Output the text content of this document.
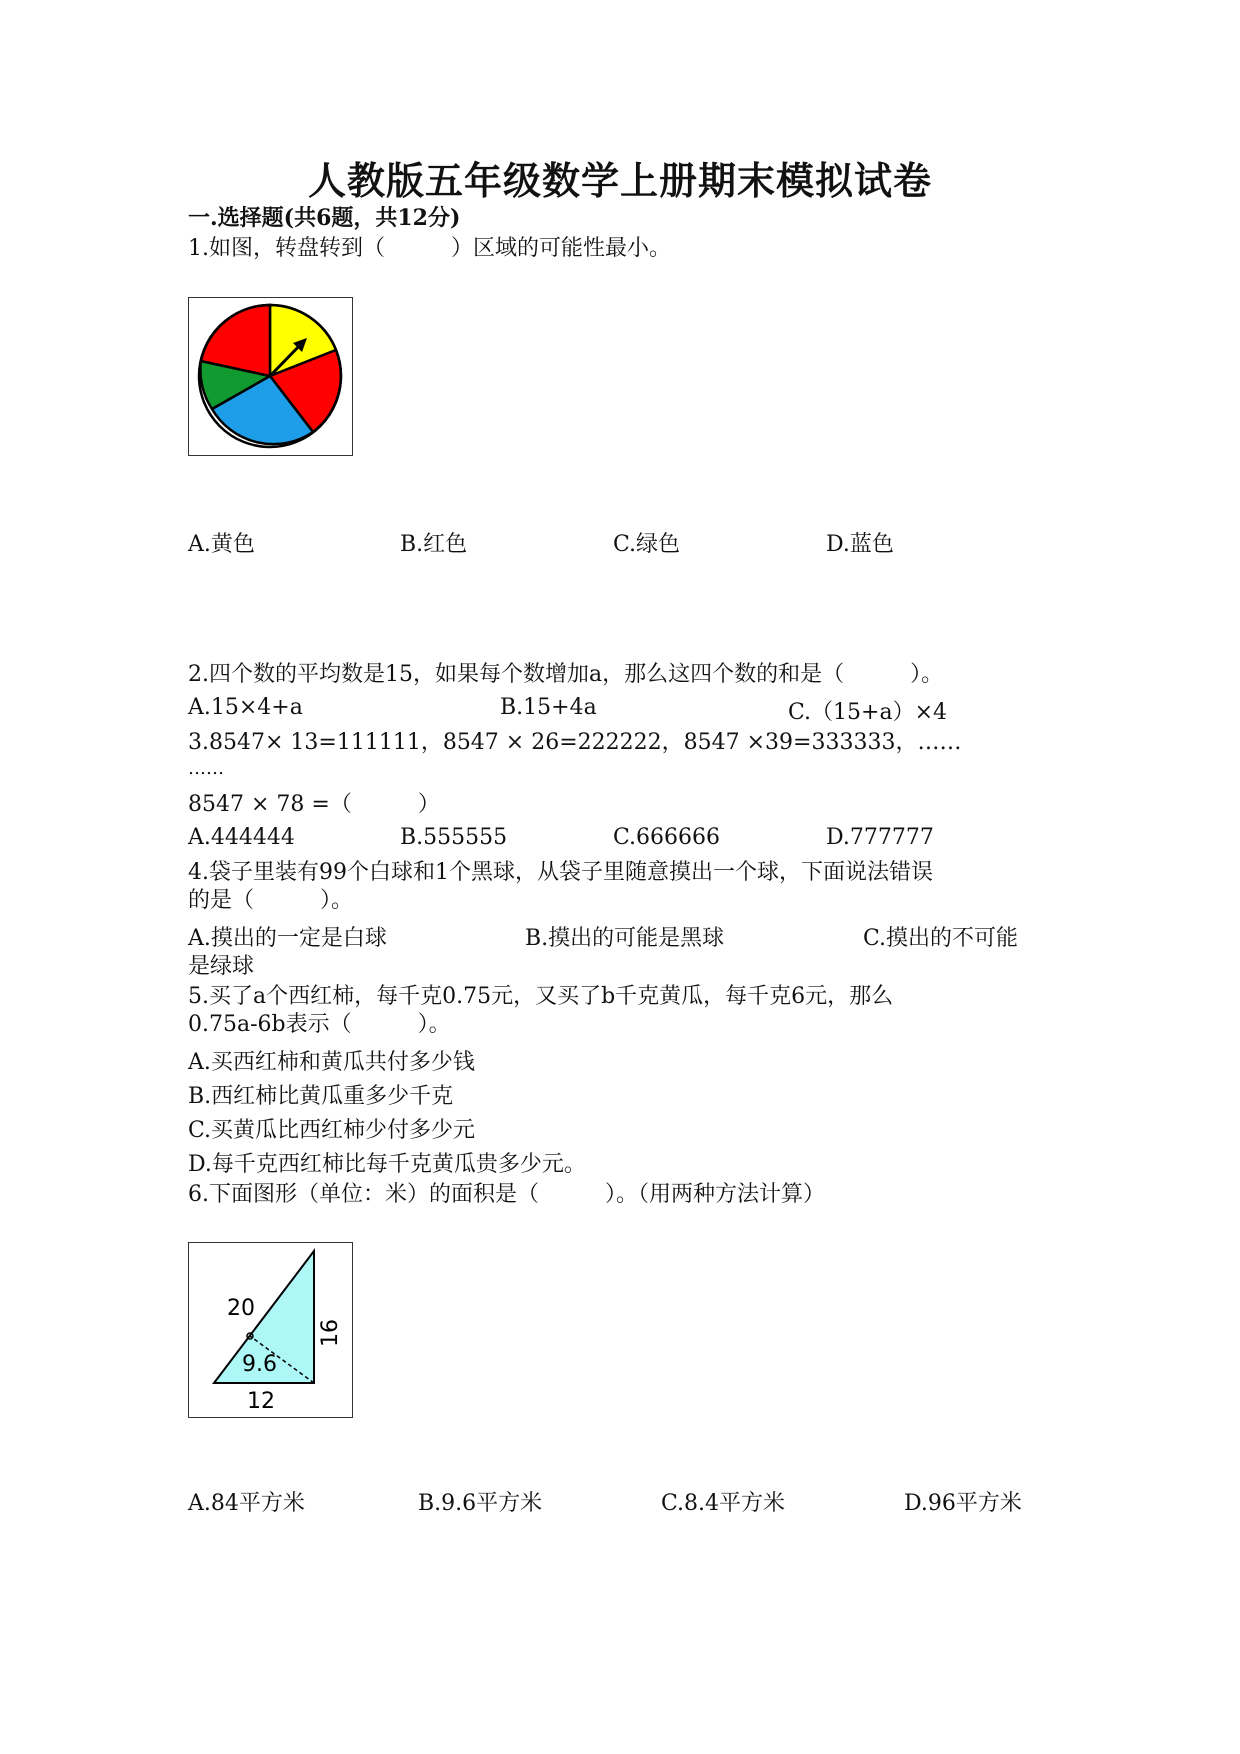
人教版五年级数学上册期末模拟试卷
一.选择题(共6题，共12分)
1.如图，转盘转到（　　　）区域的可能性最小。
A.黄色	B.红色	C.绿色	D.蓝色
2.四个数的平均数是15，如果每个数增加a，那么这四个数的和是（　　　）。
A.15×4+a	B.15+4a	C.（15+a）×4
3.8547× 13=111111，8547 × 26=222222，8547 ×39=333333，……
……
8547 × 78 =（　　　）
A.444444	B.555555	C.666666	D.777777
4.袋子里装有99个白球和1个黑球，从袋子里随意摸出一个球，下面说法错误
的是（　　　）。
A.摸出的一定是白球	B.摸出的可能是黑球	C.摸出的不可能
是绿球
5.买了a个西红柿，每千克0.75元，又买了b千克黄瓜，每千克6元，那么
0.75a-6b表示（　　　）。
A.买西红柿和黄瓜共付多少钱
B.西红柿比黄瓜重多少千克
C.买黄瓜比西红柿少付多少元
D.每千克西红柿比每千克黄瓜贵多少元。
6.下面图形（单位：米）的面积是（　　　）。（用两种方法计算）
20
16
9.6
12
A.84平方米	B.9.6平方米	C.8.4平方米	D.96平方米
